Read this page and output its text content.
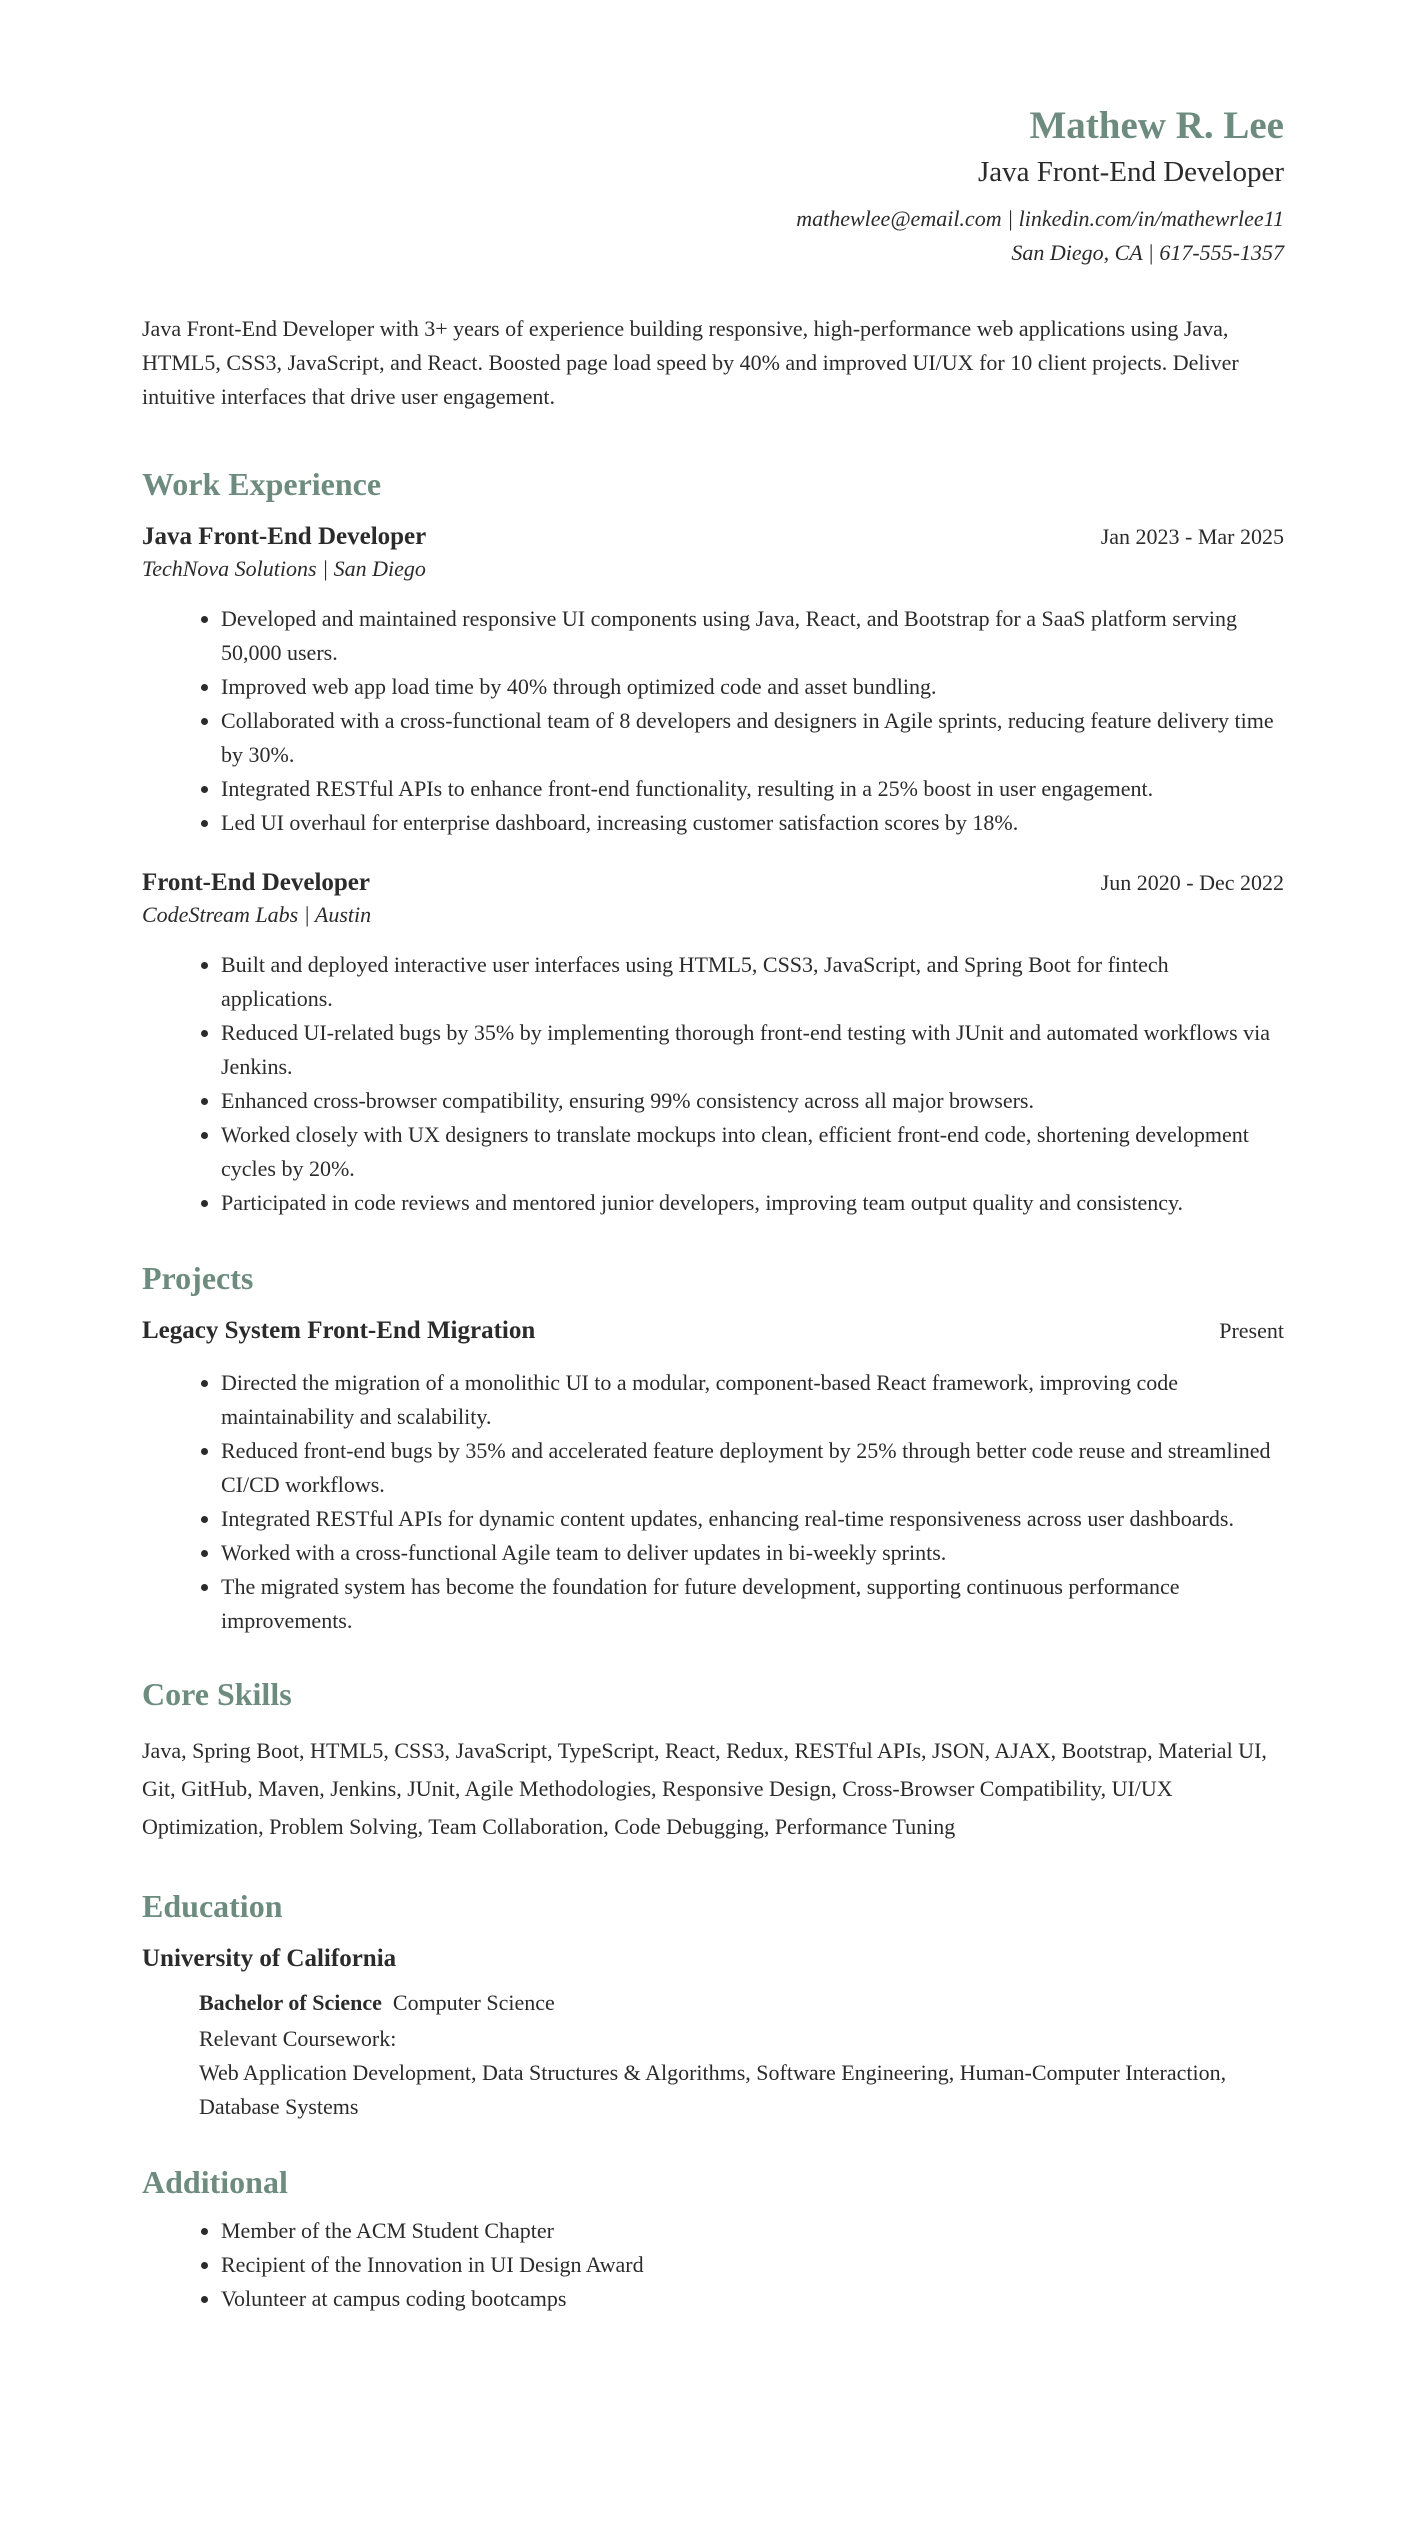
Mathew R. Lee
Java Front-End Developer
mathewlee@email.com | linkedin.com/in/mathewrlee11
San Diego, CA | 617-555-1357
Java Front-End Developer with 3+ years of experience building responsive, high-performance web applications using Java, HTML5, CSS3, JavaScript, and React. Boosted page load speed by 40% and improved UI/UX for 10 client projects. Deliver intuitive interfaces that drive user engagement.
Work Experience
Java Front-End Developer	Jan 2023 - Mar 2025
TechNova Solutions | San Diego
• Developed and maintained responsive UI components using Java, React, and Bootstrap for a SaaS platform serving 50,000 users.
• Improved web app load time by 40% through optimized code and asset bundling.
• Collaborated with a cross-functional team of 8 developers and designers in Agile sprints, reducing feature delivery time by 30%.
• Integrated RESTful APIs to enhance front-end functionality, resulting in a 25% boost in user engagement.
• Led UI overhaul for enterprise dashboard, increasing customer satisfaction scores by 18%.
Front-End Developer	Jun 2020 - Dec 2022
CodeStream Labs | Austin
• Built and deployed interactive user interfaces using HTML5, CSS3, JavaScript, and Spring Boot for fintech applications.
• Reduced UI-related bugs by 35% by implementing thorough front-end testing with JUnit and automated workflows via Jenkins.
• Enhanced cross-browser compatibility, ensuring 99% consistency across all major browsers.
• Worked closely with UX designers to translate mockups into clean, efficient front-end code, shortening development cycles by 20%.
• Participated in code reviews and mentored junior developers, improving team output quality and consistency.
Projects
Legacy System Front-End Migration	Present
• Directed the migration of a monolithic UI to a modular, component-based React framework, improving code maintainability and scalability.
• Reduced front-end bugs by 35% and accelerated feature deployment by 25% through better code reuse and streamlined CI/CD workflows.
• Integrated RESTful APIs for dynamic content updates, enhancing real-time responsiveness across user dashboards.
• Worked with a cross-functional Agile team to deliver updates in bi-weekly sprints.
• The migrated system has become the foundation for future development, supporting continuous performance improvements.
Core Skills
Java, Spring Boot, HTML5, CSS3, JavaScript, TypeScript, React, Redux, RESTful APIs, JSON, AJAX, Bootstrap, Material UI, Git, GitHub, Maven, Jenkins, JUnit, Agile Methodologies, Responsive Design, Cross-Browser Compatibility, UI/UX Optimization, Problem Solving, Team Collaboration, Code Debugging, Performance Tuning
Education
University of California
Bachelor of Science Computer Science
Relevant Coursework:
Web Application Development, Data Structures & Algorithms, Software Engineering, Human-Computer Interaction, Database Systems
Additional
• Member of the ACM Student Chapter
• Recipient of the Innovation in UI Design Award
• Volunteer at campus coding bootcamps
